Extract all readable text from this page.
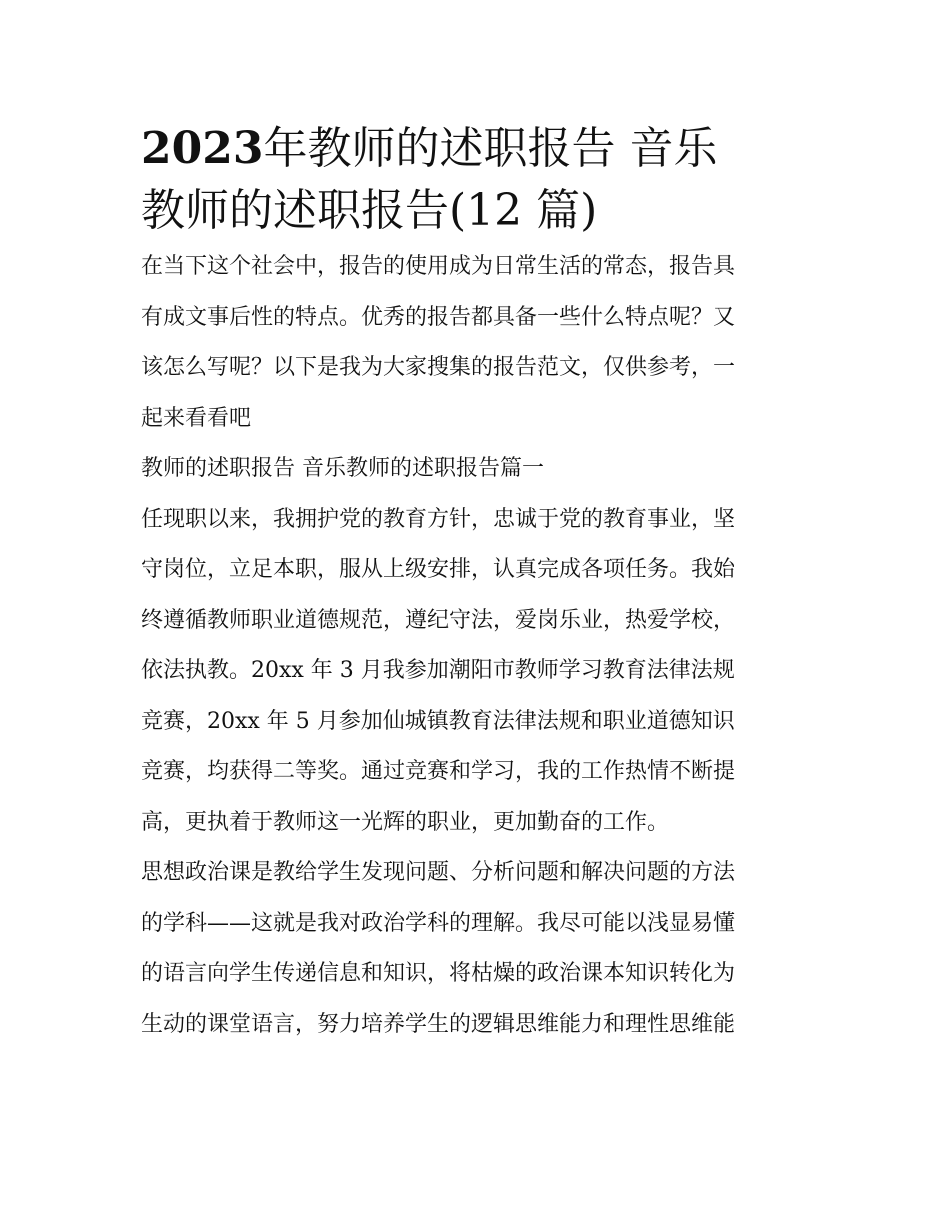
2023年教师的述职报告 音乐
教师的述职报告(12 篇)
在当下这个社会中，报告的使用成为日常生活的常态，报告具
有成文事后性的特点。优秀的报告都具备一些什么特点呢？又
该怎么写呢？以下是我为大家搜集的报告范文，仅供参考，一
起来看看吧
教师的述职报告 音乐教师的述职报告篇一
任现职以来，我拥护党的教育方针，忠诚于党的教育事业，坚
守岗位，立足本职，服从上级安排，认真完成各项任务。我始
终遵循教师职业道德规范，遵纪守法，爱岗乐业，热爱学校，
依法执教。20xx 年 3 月我参加潮阳市教师学习教育法律法规
竞赛，20xx 年 5 月参加仙城镇教育法律法规和职业道德知识
竞赛，均获得二等奖。通过竞赛和学习，我的工作热情不断提
高，更执着于教师这一光辉的职业，更加勤奋的工作。
思想政治课是教给学生发现问题、分析问题和解决问题的方法
的学科——这就是我对政治学科的理解。我尽可能以浅显易懂
的语言向学生传递信息和知识，将枯燥的政治课本知识转化为
生动的课堂语言，努力培养学生的逻辑思维能力和理性思维能
